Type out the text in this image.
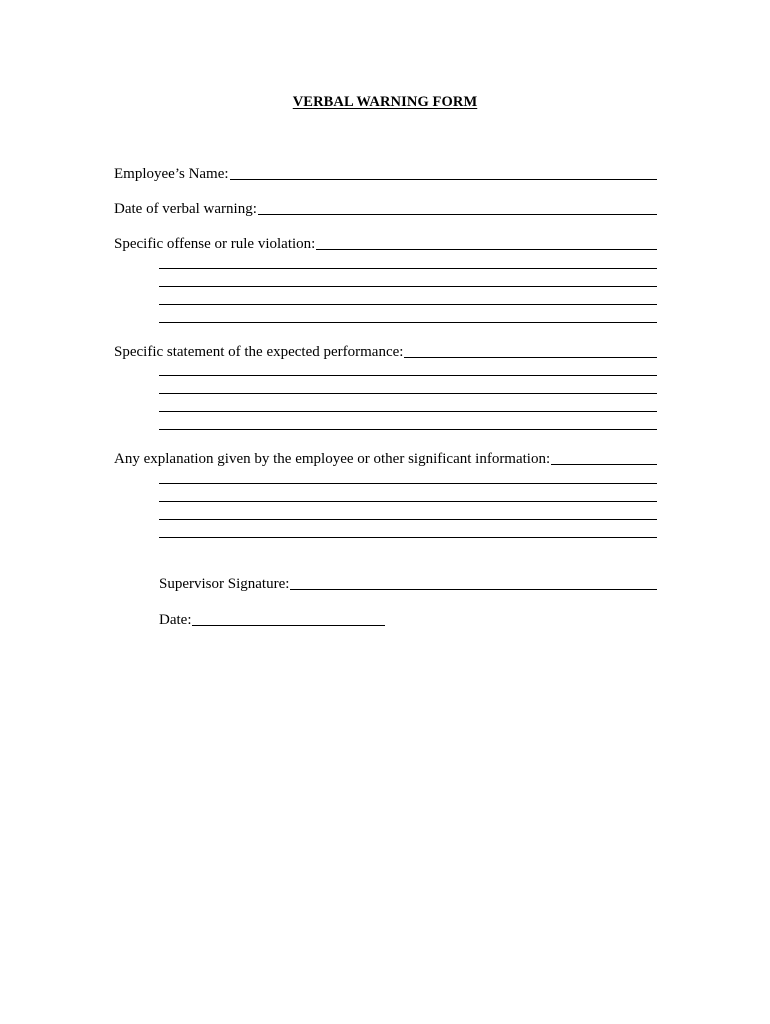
VERBAL WARNING FORM
Employee’s Name:
Date of verbal warning:
Specific offense or rule violation:
Specific statement of the expected performance:
Any explanation given by the employee or other significant information:
Supervisor Signature:
Date:
